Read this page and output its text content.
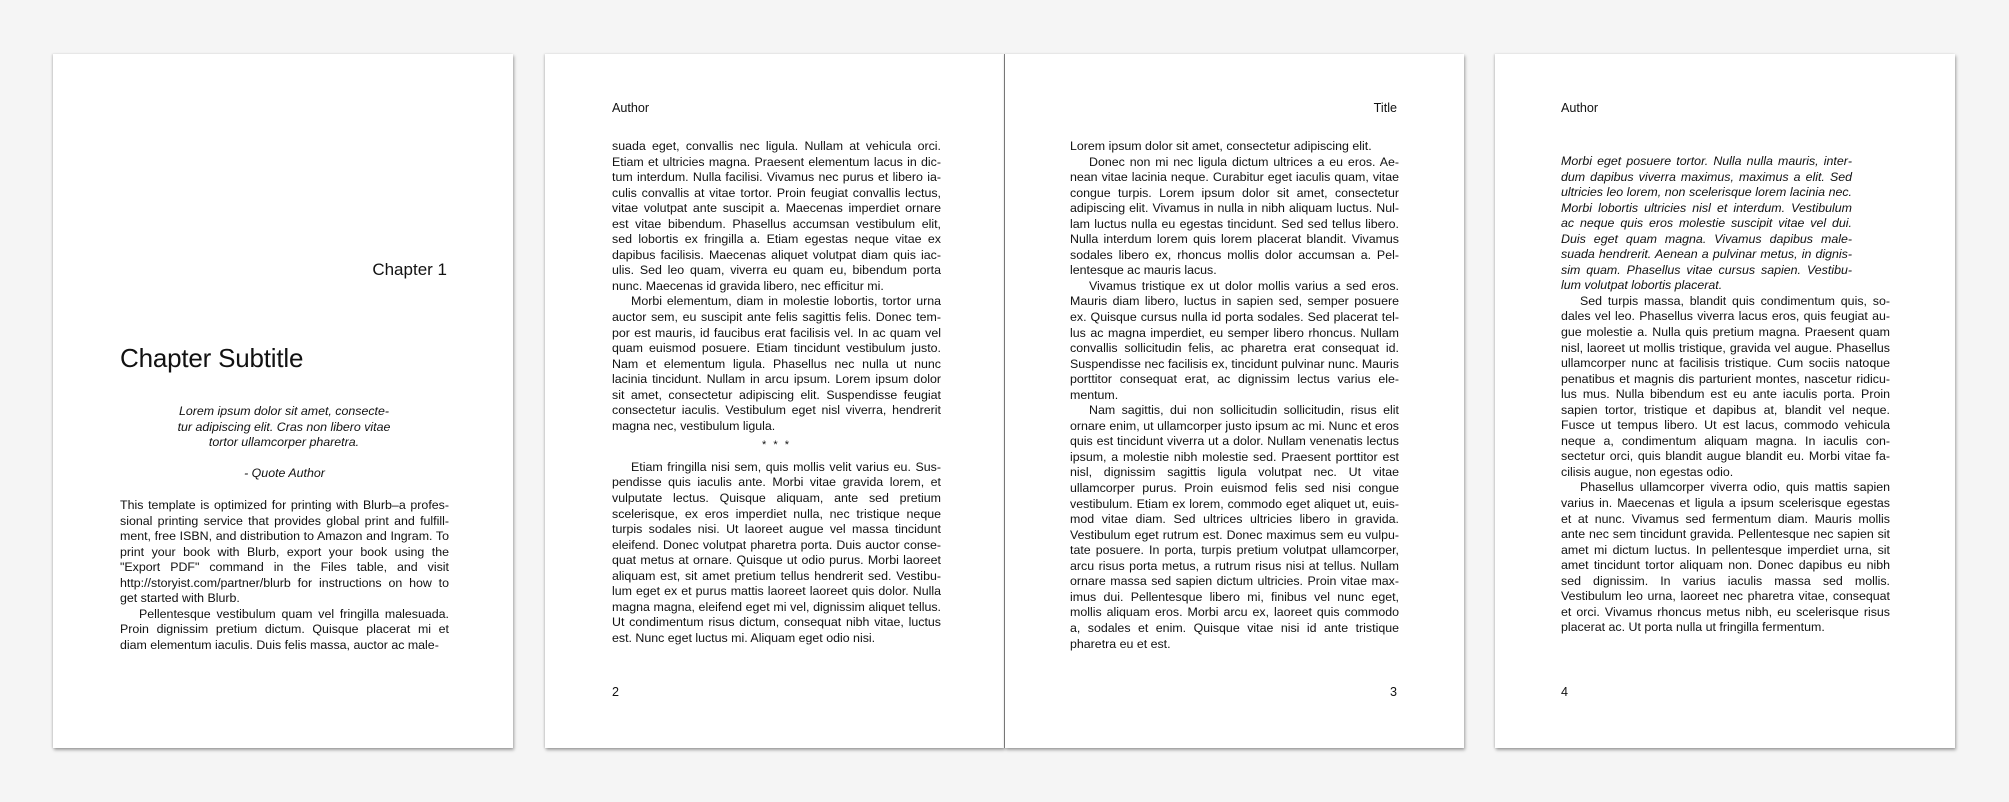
Chapter 1
Chapter Subtitle
Lorem ipsum dolor sit amet, consectetur adipiscing elit. Cras non libero vitae tortor ullamcorper pharetra.
- Quote Author

This template is optimized for printing with Blurb–a professional printing service that provides global print and fulfillment, free ISBN, and distribution to Amazon and Ingram. To print your book with Blurb, export your book using the "Export PDF" command in the Files table, and visit http://storyist.com/partner/blurb for instructions on how to get started with Blurb.

Pellentesque vestibulum quam vel fringilla malesuada. Proin dignissim pretium dictum. Quisque placerat mi et diam elementum iaculis. Duis felis massa, auctor ac male-

Author

suada eget, convallis nec ligula. Nullam at vehicula orci. Etiam et ultricies magna. Praesent elementum lacus in dictum interdum. Nulla facilisi. Vivamus nec purus et libero iaculis convallis at vitae tortor. Proin feugiat convallis lectus, vitae volutpat ante suscipit a. Maecenas imperdiet ornare est vitae bibendum. Phasellus accumsan vestibulum elit, sed lobortis ex fringilla a. Etiam egestas neque vitae ex dapibus facilisis. Maecenas aliquet volutpat diam quis iaculis. Sed leo quam, viverra eu quam eu, bibendum porta nunc. Maecenas id gravida libero, nec efficitur mi.

Morbi elementum, diam in molestie lobortis, tortor urna auctor sem, eu suscipit ante felis sagittis felis. Donec tempor est mauris, id faucibus erat facilisis vel. In ac quam vel quam euismod posuere. Etiam tincidunt vestibulum justo. Nam et elementum ligula. Phasellus nec nulla ut nunc lacinia tincidunt. Nullam in arcu ipsum. Lorem ipsum dolor sit amet, consectetur adipiscing elit. Suspendisse feugiat consectetur iaculis. Vestibulum eget nisl viverra, hendrerit magna nec, vestibulum ligula.

* * *

Etiam fringilla nisi sem, quis mollis velit varius eu. Suspendisse quis iaculis ante. Morbi vitae gravida lorem, et vulputate lectus. Quisque aliquam, ante sed pretium scelerisque, ex eros imperdiet nulla, nec tristique neque turpis sodales nisi. Ut laoreet augue vel massa tincidunt eleifend. Donec volutpat pharetra porta. Duis auctor consequat metus at ornare. Quisque ut odio purus. Morbi laoreet aliquam est, sit amet pretium tellus hendrerit sed. Vestibulum eget ex et purus mattis laoreet laoreet quis dolor. Nulla magna magna, eleifend eget mi vel, dignissim aliquet tellus. Ut condimentum risus dictum, consequat nibh vitae, luctus est. Nunc eget luctus mi. Aliquam eget odio nisi.

2
Title

Lorem ipsum dolor sit amet, consectetur adipiscing elit.

Donec non mi nec ligula dictum ultrices a eu eros. Aenean vitae lacinia neque. Curabitur eget iaculis quam, vitae congue turpis. Lorem ipsum dolor sit amet, consectetur adipiscing elit. Vivamus in nulla in nibh aliquam luctus. Nullam luctus nulla eu egestas tincidunt. Sed sed tellus libero. Nulla interdum lorem quis lorem placerat blandit. Vivamus sodales libero ex, rhoncus mollis dolor accumsan a. Pellentesque ac mauris lacus.

Vivamus tristique ex ut dolor mollis varius a sed eros. Mauris diam libero, luctus in sapien sed, semper posuere ex. Quisque cursus nulla id porta sodales. Sed placerat tellus ac magna imperdiet, eu semper libero rhoncus. Nullam convallis sollicitudin felis, ac pharetra erat consequat id. Suspendisse nec facilisis ex, tincidunt pulvinar nunc. Mauris porttitor consequat erat, ac dignissim lectus varius elementum.

Nam sagittis, dui non sollicitudin sollicitudin, risus elit ornare enim, ut ullamcorper justo ipsum ac mi. Nunc et eros quis est tincidunt viverra ut a dolor. Nullam venenatis lectus ipsum, a molestie nibh molestie sed. Praesent porttitor est nisl, dignissim sagittis ligula volutpat nec. Ut vitae ullamcorper purus. Proin euismod felis sed nisi congue vestibulum. Etiam ex lorem, commodo eget aliquet ut, euismod vitae diam. Sed ultrices ultricies libero in gravida. Vestibulum eget rutrum est. Donec maximus sem eu vulputate posuere. In porta, turpis pretium volutpat ullamcorper, arcu risus porta metus, a rutrum risus nisi at tellus. Nullam ornare massa sed sapien dictum ultricies. Proin vitae maximus dui. Pellentesque libero mi, finibus vel nunc eget, mollis aliquam eros. Morbi arcu ex, laoreet quis commodo a, sodales et enim. Quisque vitae nisi id ante tristique pharetra eu et est.

3
Author

Morbi eget posuere tortor. Nulla nulla mauris, interdum dapibus viverra maximus, maximus a elit. Sed ultricies leo lorem, non scelerisque lorem lacinia nec. Morbi lobortis ultricies nisl et interdum. Vestibulum ac neque quis eros molestie suscipit vitae vel dui. Duis eget quam magna. Vivamus dapibus malesuada hendrerit. Aenean a pulvinar metus, in dignissim quam. Phasellus vitae cursus sapien. Vestibulum volutpat lobortis placerat.

Sed turpis massa, blandit quis condimentum quis, sodales vel leo. Phasellus viverra lacus eros, quis feugiat augue molestie a. Nulla quis pretium magna. Praesent quam nisl, laoreet ut mollis tristique, gravida vel augue. Phasellus ullamcorper nunc at facilisis tristique. Cum sociis natoque penatibus et magnis dis parturient montes, nascetur ridiculus mus. Nulla bibendum est eu ante iaculis porta. Proin sapien tortor, tristique et dapibus at, blandit vel neque. Fusce ut tempus libero. Ut est lacus, commodo vehicula neque a, condimentum aliquam magna. In iaculis consectetur orci, quis blandit augue blandit eu. Morbi vitae facilisis augue, non egestas odio.

Phasellus ullamcorper viverra odio, quis mattis sapien varius in. Maecenas et ligula a ipsum scelerisque egestas et at nunc. Vivamus sed fermentum diam. Mauris mollis ante nec sem tincidunt gravida. Pellentesque nec sapien sit amet mi dictum luctus. In pellentesque imperdiet urna, sit amet tincidunt tortor aliquam non. Donec dapibus eu nibh sed dignissim. In varius iaculis massa sed mollis. Vestibulum leo urna, laoreet nec pharetra vitae, consequat et orci. Vivamus rhoncus metus nibh, eu scelerisque risus placerat ac. Ut porta nulla ut fringilla fermentum.

4
